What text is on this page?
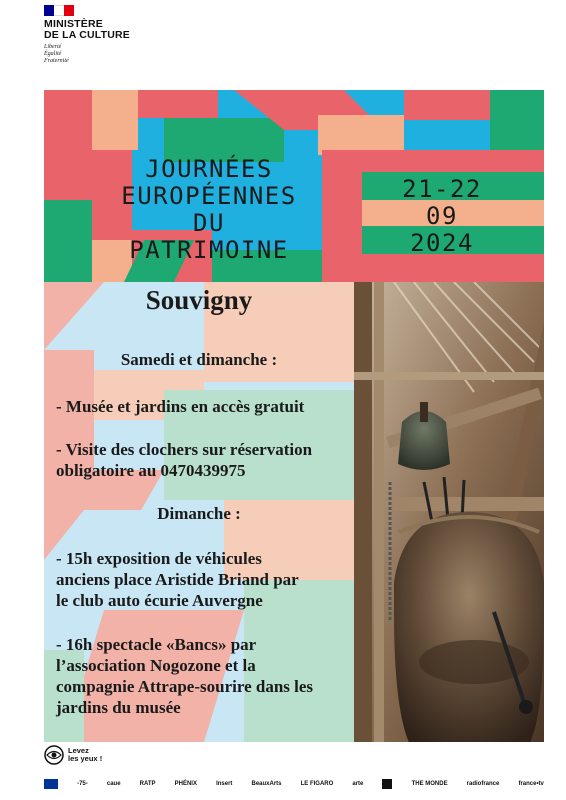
MINISTÈRE
DE LA CULTURE
Liberté
Égalité
Fraternité
JOURNÉES
EUROPÉENNES
DU
PATRIMOINE
21-22
09
2024
Souvigny
Samedi et dimanche :
- Musée et jardins en accès gratuit
- Visite des clochers sur réservation
obligatoire au 0470439975
Dimanche :
- 15h exposition de véhicules
anciens place Aristide Briand par
le club auto écurie Auvergne
- 16h spectacle «Bancs» par
l’association Nogozone et la
compagnie Attrape-sourire dans les
jardins du musée
Levez
les yeux !
-75-	caue	RATP	PHÉNIX	Insert	BeauxArts	LE FIGARO	arte	THE MONDE	radiofrance	france•tv
